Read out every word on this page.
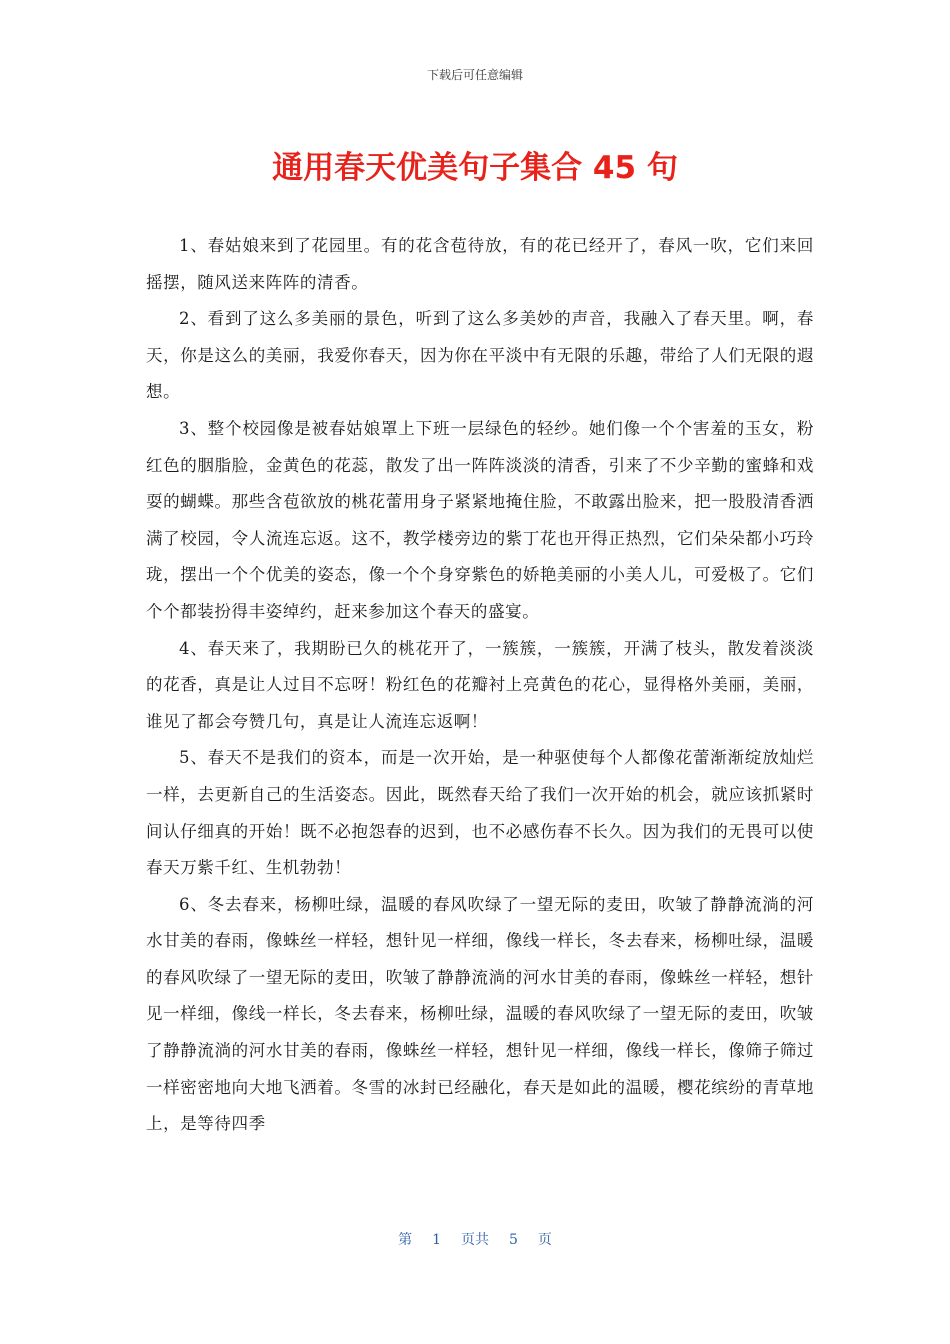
下载后可任意编辑
通用春天优美句子集合 45 句

1、春姑娘来到了花园里。有的花含苞待放，有的花已经开了，春风一吹，它们来回摇摆，随风送来阵阵的清香。

2、看到了这么多美丽的景色，听到了这么多美妙的声音，我融入了春天里。啊，春天，你是这么的美丽，我爱你春天，因为你在平淡中有无限的乐趣，带给了人们无限的遐想。

3、整个校园像是被春姑娘罩上下班一层绿色的轻纱。她们像一个个害羞的玉女，粉红色的胭脂脸，金黄色的花蕊，散发了出一阵阵淡淡的清香，引来了不少辛勤的蜜蜂和戏耍的蝴蝶。那些含苞欲放的桃花蕾用身子紧紧地掩住脸，不敢露出脸来，把一股股清香洒满了校园，令人流连忘返。这不，教学楼旁边的紫丁花也开得正热烈，它们朵朵都小巧玲珑，摆出一个个优美的姿态，像一个个身穿紫色的娇艳美丽的小美人儿，可爱极了。它们个个都装扮得丰姿绰约，赶来参加这个春天的盛宴。

4、春天来了，我期盼已久的桃花开了，一簇簇，一簇簇，开满了枝头，散发着淡淡的花香，真是让人过目不忘呀！粉红色的花瓣衬上亮黄色的花心，显得格外美丽，美丽，谁见了都会夸赞几句，真是让人流连忘返啊！

5、春天不是我们的资本，而是一次开始，是一种驱使每个人都像花蕾渐渐绽放灿烂一样，去更新自己的生活姿态。因此，既然春天给了我们一次开始的机会，就应该抓紧时间认仔细真的开始！既不必抱怨春的迟到，也不必感伤春不长久。因为我们的无畏可以使春天万紫千红、生机勃勃！

6、冬去春来，杨柳吐绿，温暖的春风吹绿了一望无际的麦田，吹皱了静静流淌的河水甘美的春雨，像蛛丝一样轻，想针见一样细，像线一样长，冬去春来，杨柳吐绿，温暖的春风吹绿了一望无际的麦田，吹皱了静静流淌的河水甘美的春雨，像蛛丝一样轻，想针见一样细，像线一样长，冬去春来，杨柳吐绿，温暖的春风吹绿了一望无际的麦田，吹皱了静静流淌的河水甘美的春雨，像蛛丝一样轻，想针见一样细，像线一样长，像筛子筛过一样密密地向大地飞洒着。冬雪的冰封已经融化，春天是如此的温暖，樱花缤纷的青草地上，是等待四季

第 1 页共 5 页
